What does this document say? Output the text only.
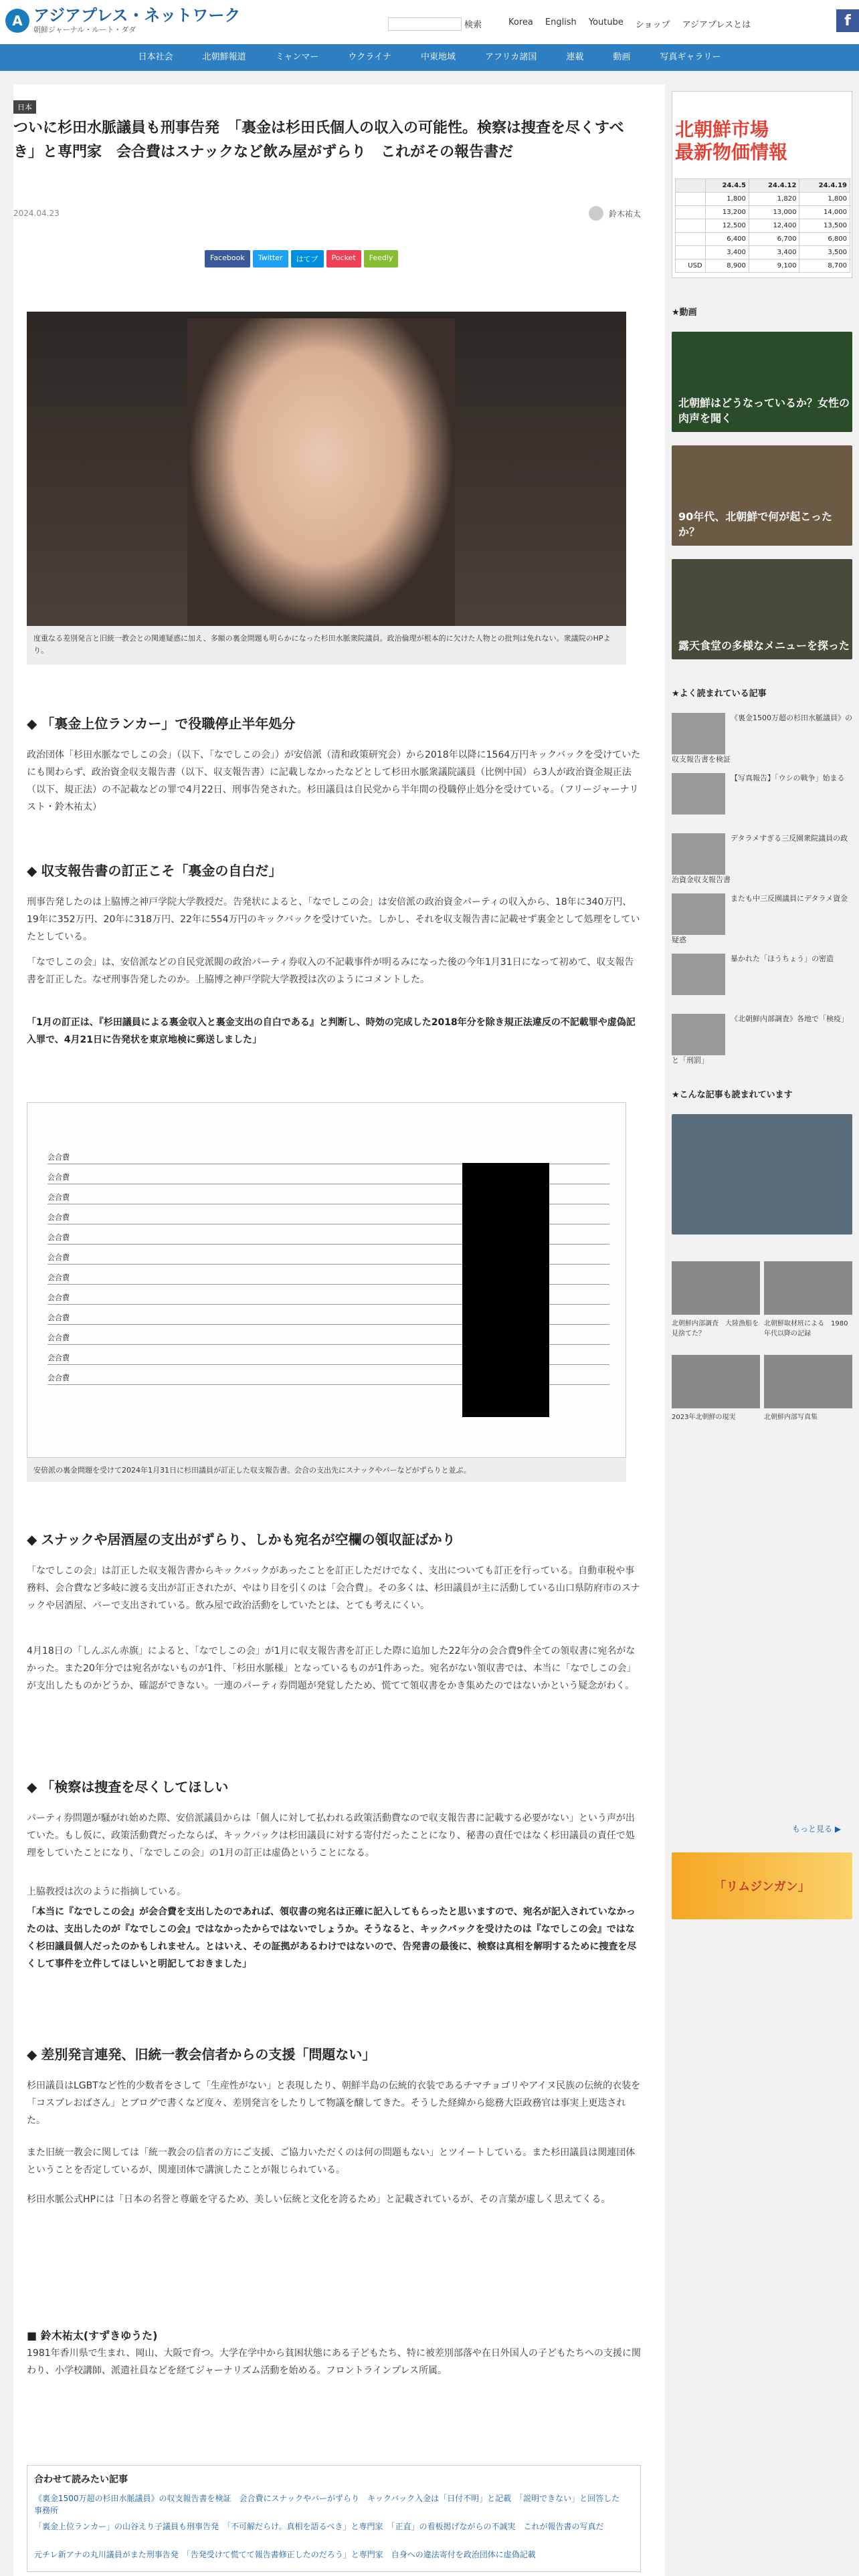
A アジアプレス・ネットワーク
朝鮮ジャーナル・ルート・ダダ	検索	Korea English Youtube ショップ アジアプレスとは	f
日本社会	北朝鮮報道	ミャンマー	ウクライナ	中東地域	アフリカ諸国	連載	動画	写真ギャラリー
日本
ついに杉田水脈議員も刑事告発　「裏金は杉田氏個人の収入の可能性。検察は捜査を尽くすべき」と専門家　会合費はスナックなど飲み屋がずらり　これがその報告書だ
2024.04.23	鈴木祐太
Facebook	Twitter	はてブ	Pocket	Feedly
度重なる差別発言と旧統一教会との関連疑惑に加え、多額の裏金問題も明らかになった杉田水脈衆院議員。政治倫理が根本的に欠けた人物との批判は免れない。衆議院のHPより。
◆ 「裏金上位ランカー」で役職停止半年処分
政治団体「杉田水脈なでしこの会」（以下、「なでしこの会」）が安倍派（清和政策研究会）から2018年以降に1564万円キックバックを受けていたにも関わらず、政治資金収支報告書（以下、収支報告書）に記載しなかったなどとして杉田水脈衆議院議員（比例中国）ら3人が政治資金規正法（以下、規正法）の不記載などの罪で4月22日、刑事告発された。杉田議員は自民党から半年間の役職停止処分を受けている。（フリージャーナリスト・鈴木祐太）
◆ 収支報告書の訂正こそ「裏金の自白だ」
刑事告発したのは上脇博之神戸学院大学教授だ。告発状によると、「なでしこの会」は安倍派の政治資金パーティの収入から、18年に340万円、19年に352万円、20年に318万円、22年に554万円のキックバックを受けていた。しかし、それを収支報告書に記載せず裏金として処理をしていたとしている。
「なでしこの会」は、安倍派などの自民党派閥の政治パーティ券収入の不記載事件が明るみになった後の今年1月31日になって初めて、収支報告書を訂正した。なぜ刑事告発したのか。上脇博之神戸学院大学教授は次のようにコメントした。
「1月の訂正は、『杉田議員による裏金収入と裏金支出の自白である』と判断し、時効の完成した2018年分を除き規正法違反の不記載罪や虚偽記入罪で、4月21日に告発状を東京地検に郵送しました」
会合費
会合費
会合費
会合費
会合費
会合費
会合費
会合費
会合費
会合費
会合費
会合費
安倍派の裏金問題を受けて2024年1月31日に杉田議員が訂正した収支報告書。会合の支出先にスナックやバーなどがずらりと並ぶ。
◆ スナックや居酒屋の支出がずらり、しかも宛名が空欄の領収証ばかり
「なでしこの会」は訂正した収支報告書からキックバックがあったことを訂正しただけでなく、支出についても訂正を行っている。自動車税や事務料、会合費など多岐に渡る支出が訂正されたが、やはり目を引くのは「会合費」。その多くは、杉田議員が主に活動している山口県防府市のスナックや居酒屋、バーで支出されている。飲み屋で政治活動をしていたとは、とても考えにくい。
4月18日の「しんぶん赤旗」によると、「なでしこの会」が1月に収支報告書を訂正した際に追加した22年分の会合費9件全ての領収書に宛名がなかった。また20年分では宛名がないものが1件、「杉田水脈様」となっているものが1件あった。宛名がない領収書では、本当に「なでしこの会」が支出したものかどうか、確認ができない。一連のパーティ券問題が発覚したため、慌てて領収書をかき集めたのではないかという疑念がわく。
◆ 「検察は捜査を尽くしてほしい
パーティ券問題が騒がれ始めた際、安倍派議員からは「個人に対して払われる政策活動費なので収支報告書に記載する必要がない」という声が出ていた。もし仮に、政策活動費だったならば、キックバックは杉田議員に対する寄付だったことになり、秘書の責任ではなく杉田議員の責任で処理をしていたことになり、「なでしこの会」の1月の訂正は虚偽ということになる。
上脇教授は次のように指摘している。
「本当に『なでしこの会』が会合費を支出したのであれば、領収書の宛名は正確に記入してもらったと思いますので、宛名が記入されていなかったのは、支出したのが『なでしこの会』ではなかったからではないでしょうか。そうなると、キックバックを受けたのは『なでしこの会』ではなく杉田議員個人だったのかもしれません。とはいえ、その証拠があるわけではないので、告発書の最後に、検察は真相を解明するために捜査を尽くして事件を立件してほしいと明記しておきました」
◆ 差別発言連発、旧統一教会信者からの支援「問題ない」
杉田議員はLGBTなど性的少数者をさして「生産性がない」と表現したり、朝鮮半島の伝統的衣装であるチマチョゴリやアイヌ民族の伝統的衣装を「コスプレおばさん」とブログで書くなど度々、差別発言をしたりして物議を醸してきた。そうした経緯から総務大臣政務官は事実上更迭された。
また旧統一教会に関しては「統一教会の信者の方にご支援、ご協力いただくのは何の問題もない」とツイートしている。また杉田議員は関連団体ということを否定しているが、関連団体で講演したことが報じられている。
杉田水脈公式HPには「日本の名誉と尊厳を守るため、美しい伝統と文化を誇るため」と記載されているが、その言葉が虚しく思えてくる。
■ 鈴木祐太(すずきゆうた)
1981年香川県で生まれ、岡山、大阪で育つ。大学在学中から貧困状態にある子どもたち、特に被差別部落や在日外国人の子どもたちへの支援に関わり、小学校講師、派遣社員などを経てジャーナリズム活動を始める。フロントラインプレス所属。
合わせて読みたい記事
《裏金1500万超の杉田水脈議員》の収支報告書を検証　会合費にスナックやバーがずらり　キックバック入金は「日付不明」と記載　「説明できない」と回答した事務所
「裏金上位ランカー」の山谷えり子議員も刑事告発　「不可解だらけ。真相を語るべき」と専門家　「正直」の看板掲げながらの不誠実　これが報告書の写真だ
元チレ新アナの丸川議員がまた刑事告発　「告発受けて慌てて報告書修正したのだろう」と専門家　自身への違法寄付を政治団体に虚偽記載
北朝鮮市場
最新物価情報
	24.4.5	24.4.12	24.4.19
	1,800	1,820	1,800
	13,200	13,000	14,000
	12,500	12,400	13,500
	6,400	6,700	6,800
	3,400	3,400	3,500
USD	8,900	9,100	8,700
★動画
北朝鮮はどうなっているか？女性の肉声を聞く
90年代、北朝鮮で何が起こったか？
露天食堂の多様なメニューを探った
★よく読まれている記事
《裏金1500万超の杉田水脈議員》の収支報告書を検証
【写真報告】「ウシの戦争」始まる
デタラメすぎる三反園衆院議員の政治資金収支報告書
またも中三反園議員にデタラメ資金疑惑
暴かれた「ほうちょう」の密造
《北朝鮮内部調査》各地で「検疫」と「刑罰」
★こんな記事も読まれています
北朝鮮内部調査　大陸漁船を見捨てた？
北朝鮮取材班による　1980年代以降の記録
2023年北朝鮮の現実	北朝鮮内部写真集
もっと見る ▶
「リムジンガン」
